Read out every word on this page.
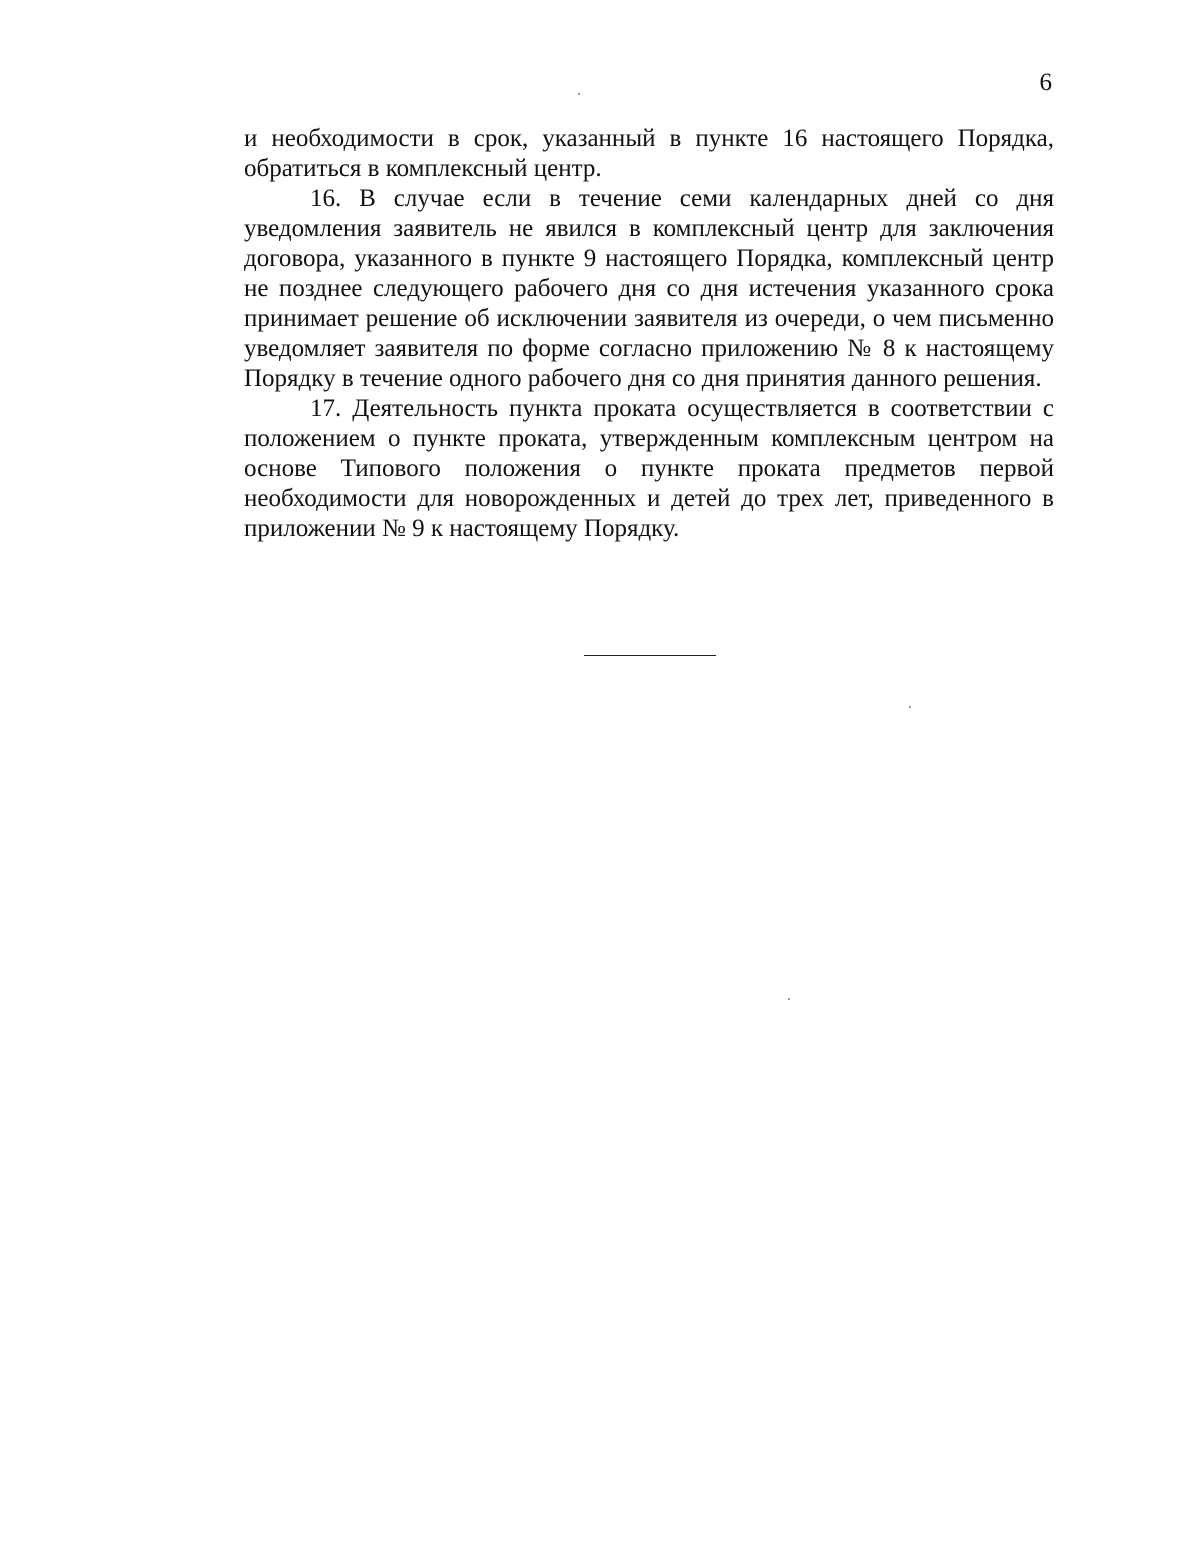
6

и необходимости в срок, указанный в пункте 16 настоящего Порядка, обратиться в комплексный центр.

16. В случае если в течение семи календарных дней со дня уведомления заявитель не явился в комплексный центр для заключения договора, указанного в пункте 9 настоящего Порядка, комплексный центр не позднее следующего рабочего дня со дня истечения указанного срока принимает решение об исключении заявителя из очереди, о чем письменно уведомляет заявителя по форме согласно приложению № 8 к настоящему Порядку в течение одного рабочего дня со дня принятия данного решения.

17. Деятельность пункта проката осуществляется в соответствии с положением о пункте проката, утвержденным комплексным центром на основе Типового положения о пункте проката предметов первой необходимости для новорожденных и детей до трех лет, приведенного в приложении № 9 к настоящему Порядку.
